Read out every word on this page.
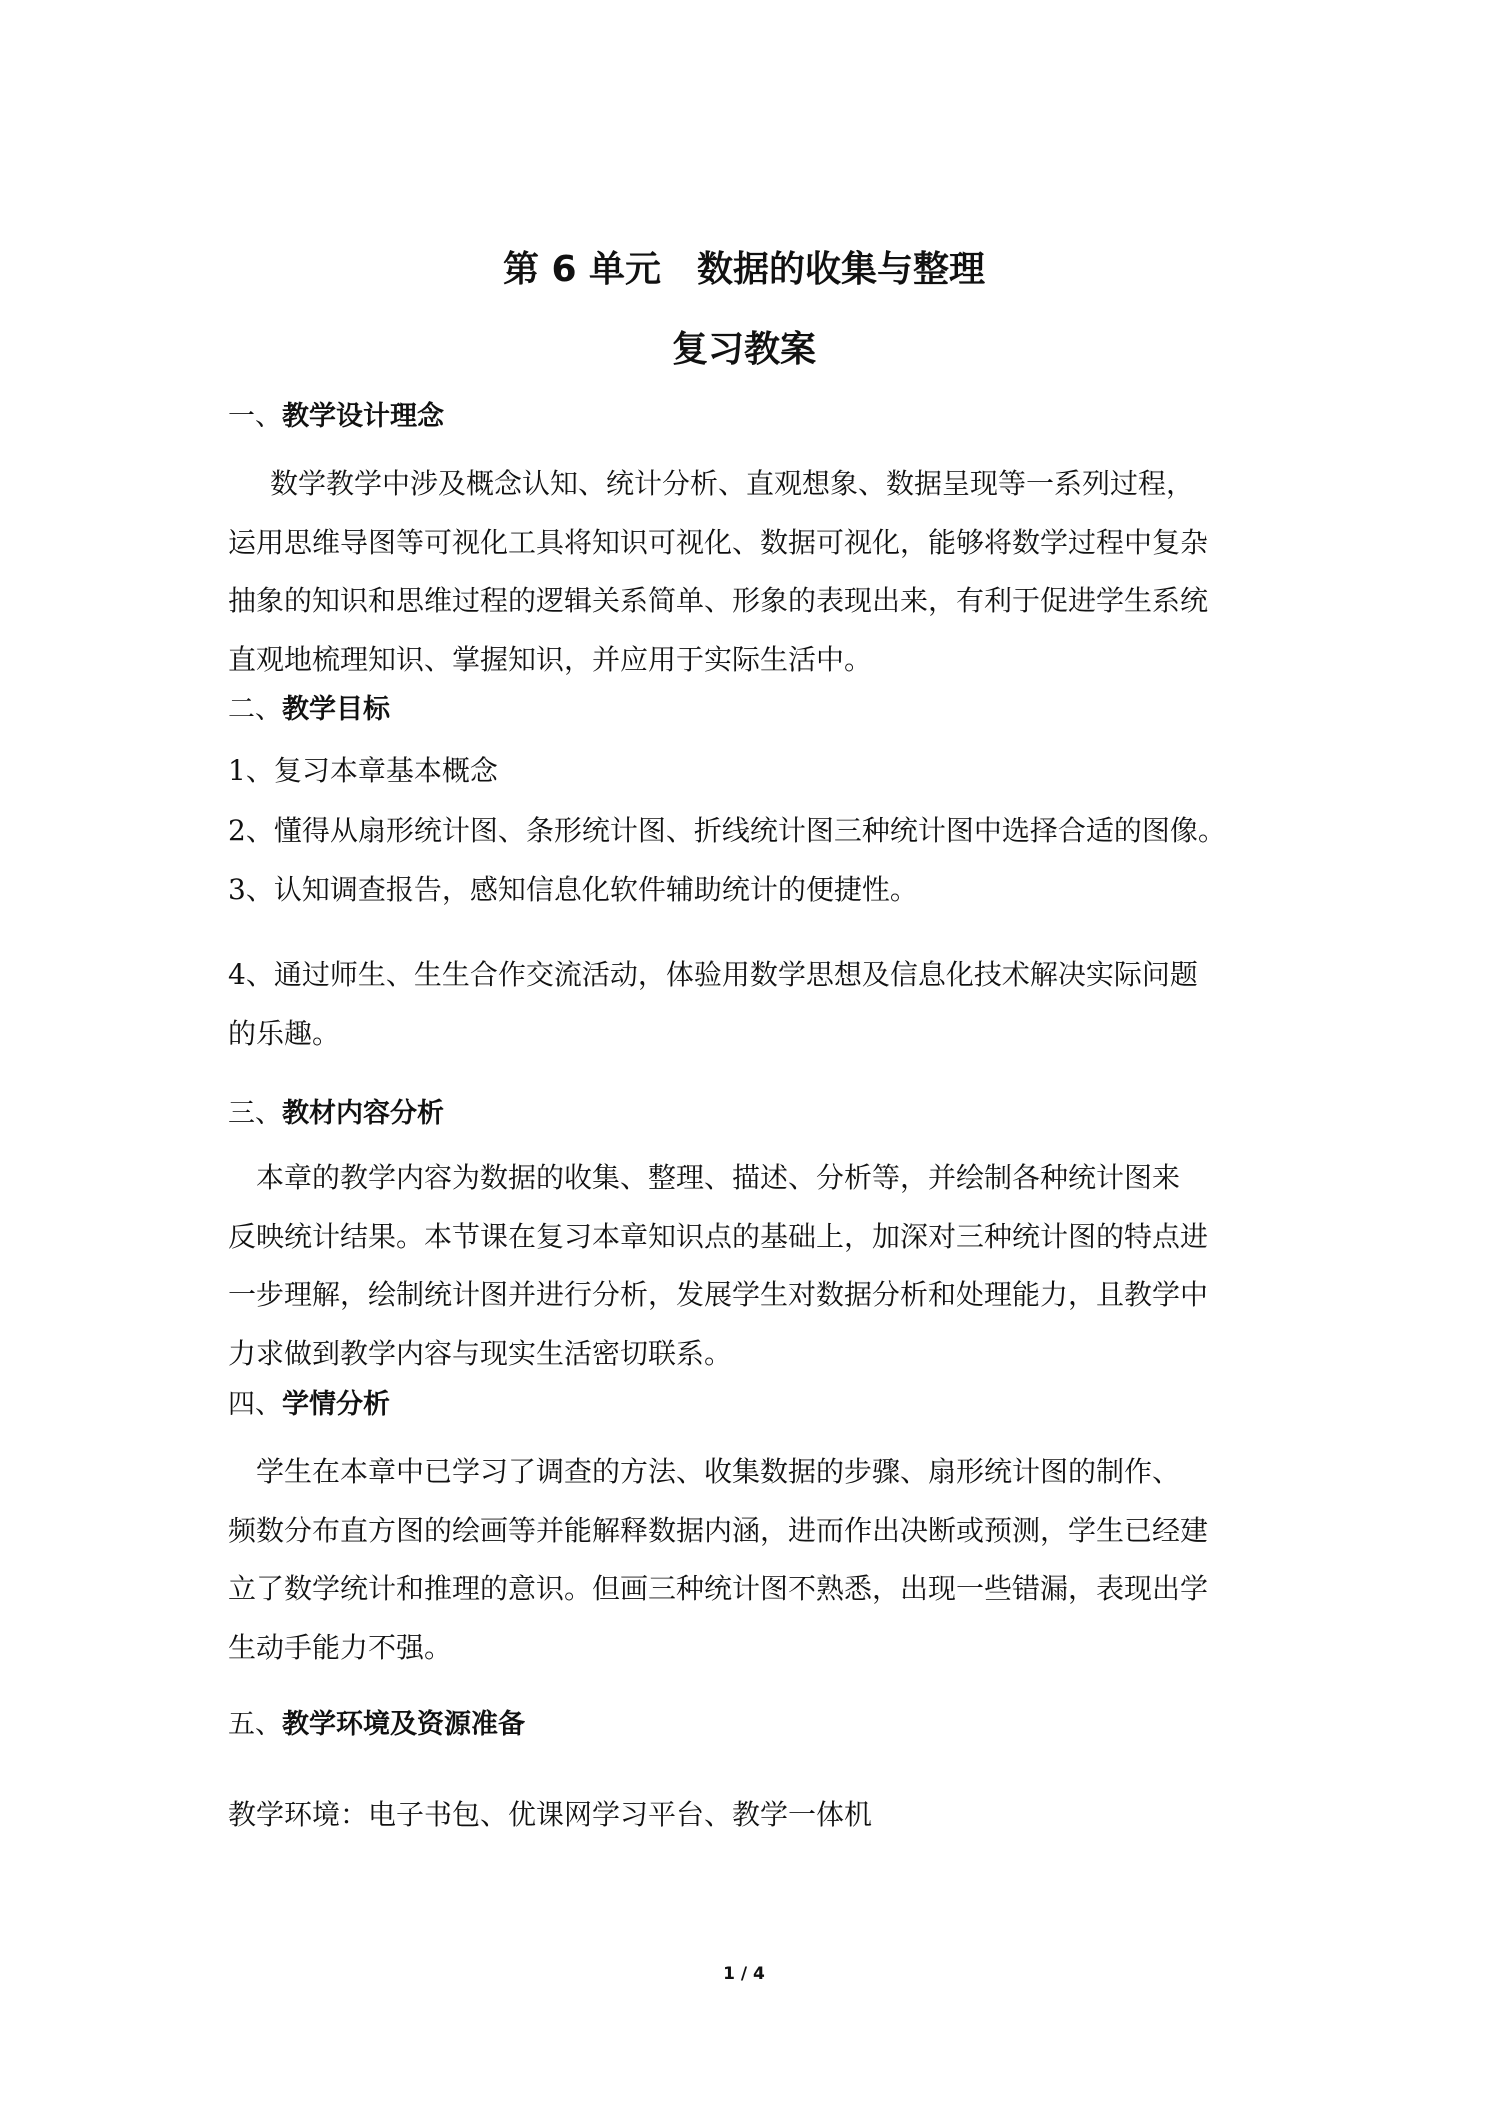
第 6 单元　数据的收集与整理
复习教案
一、教学设计理念
　数学教学中涉及概念认知、统计分析、直观想象、数据呈现等一系列过程，
运用思维导图等可视化工具将知识可视化、数据可视化，能够将数学过程中复杂
抽象的知识和思维过程的逻辑关系简单、形象的表现出来，有利于促进学生系统
直观地梳理知识、掌握知识，并应用于实际生活中。
二、教学目标
1、复习本章基本概念
2、懂得从扇形统计图、条形统计图、折线统计图三种统计图中选择合适的图像。
3、认知调查报告，感知信息化软件辅助统计的便捷性。
4、通过师生、生生合作交流活动，体验用数学思想及信息化技术解决实际问题
的乐趣。
三、教材内容分析
　本章的教学内容为数据的收集、整理、描述、分析等，并绘制各种统计图来
反映统计结果。本节课在复习本章知识点的基础上，加深对三种统计图的特点进
一步理解，绘制统计图并进行分析，发展学生对数据分析和处理能力，且教学中
力求做到教学内容与现实生活密切联系。
四、学情分析
　学生在本章中已学习了调查的方法、收集数据的步骤、扇形统计图的制作、
频数分布直方图的绘画等并能解释数据内涵，进而作出决断或预测，学生已经建
立了数学统计和推理的意识。但画三种统计图不熟悉，出现一些错漏，表现出学
生动手能力不强。
五、教学环境及资源准备
教学环境：电子书包、优课网学习平台、教学一体机
1 / 4
